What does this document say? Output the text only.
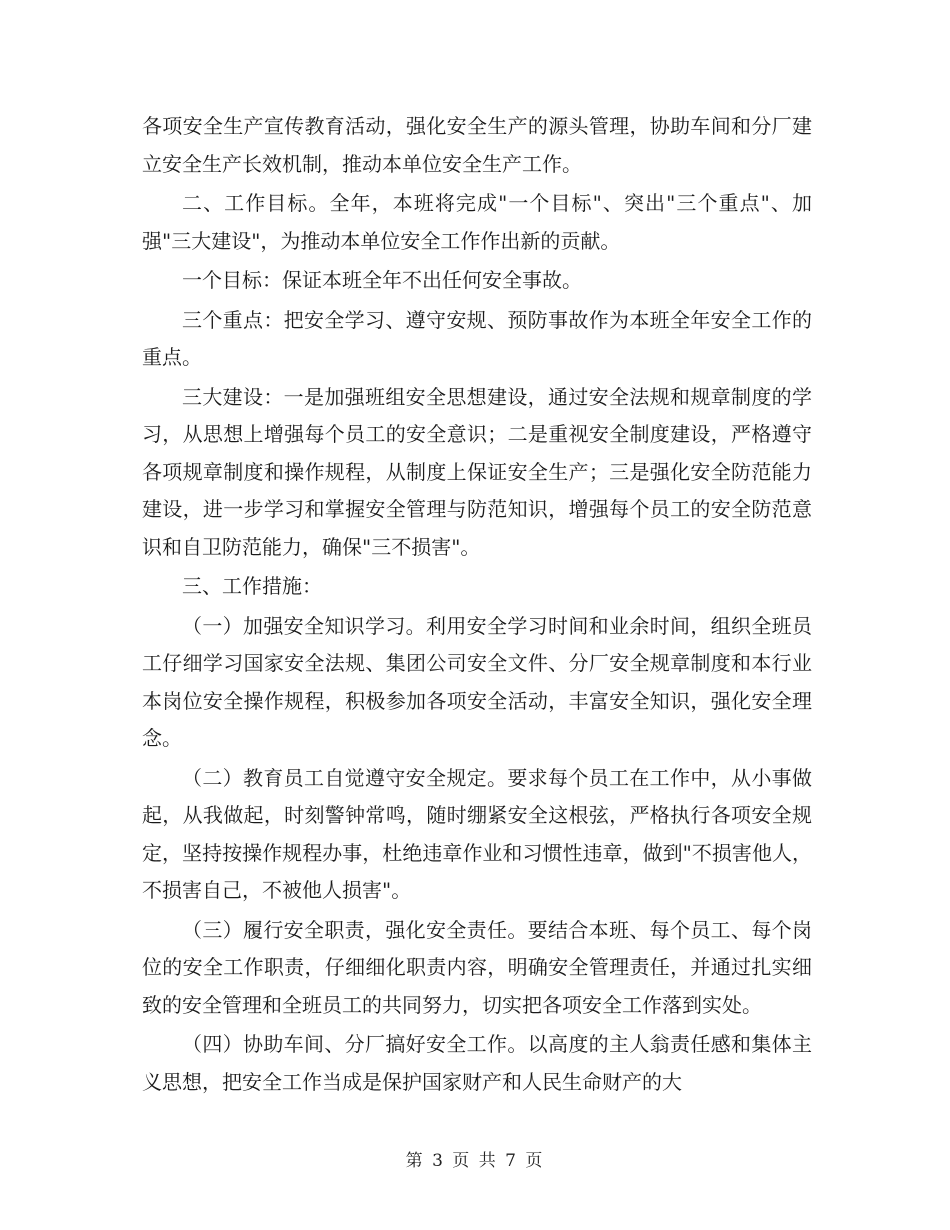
各项安全生产宣传教育活动，强化安全生产的源头管理，协助车间和分厂建立安全生产长效机制，推动本单位安全生产工作。

二、工作目标。全年，本班将完成"一个目标"、突出"三个重点"、加强"三大建设"，为推动本单位安全工作作出新的贡献。

一个目标：保证本班全年不出任何安全事故。

三个重点：把安全学习、遵守安规、预防事故作为本班全年安全工作的重点。

三大建设：一是加强班组安全思想建设，通过安全法规和规章制度的学习，从思想上增强每个员工的安全意识；二是重视安全制度建设，严格遵守各项规章制度和操作规程，从制度上保证安全生产；三是强化安全防范能力建设，进一步学习和掌握安全管理与防范知识，增强每个员工的安全防范意识和自卫防范能力，确保"三不损害"。

三、工作措施：

（一）加强安全知识学习。利用安全学习时间和业余时间，组织全班员工仔细学习国家安全法规、集团公司安全文件、分厂安全规章制度和本行业本岗位安全操作规程，积极参加各项安全活动，丰富安全知识，强化安全理念。

（二）教育员工自觉遵守安全规定。要求每个员工在工作中，从小事做起，从我做起，时刻警钟常鸣，随时绷紧安全这根弦，严格执行各项安全规定，坚持按操作规程办事，杜绝违章作业和习惯性违章，做到"不损害他人，不损害自己，不被他人损害"。

（三）履行安全职责，强化安全责任。要结合本班、每个员工、每个岗位的安全工作职责，仔细细化职责内容，明确安全管理责任，并通过扎实细致的安全管理和全班员工的共同努力，切实把各项安全工作落到实处。

（四）协助车间、分厂搞好安全工作。以高度的主人翁责任感和集体主义思想，把安全工作当成是保护国家财产和人民生命财产的大

第 3 页 共 7 页
